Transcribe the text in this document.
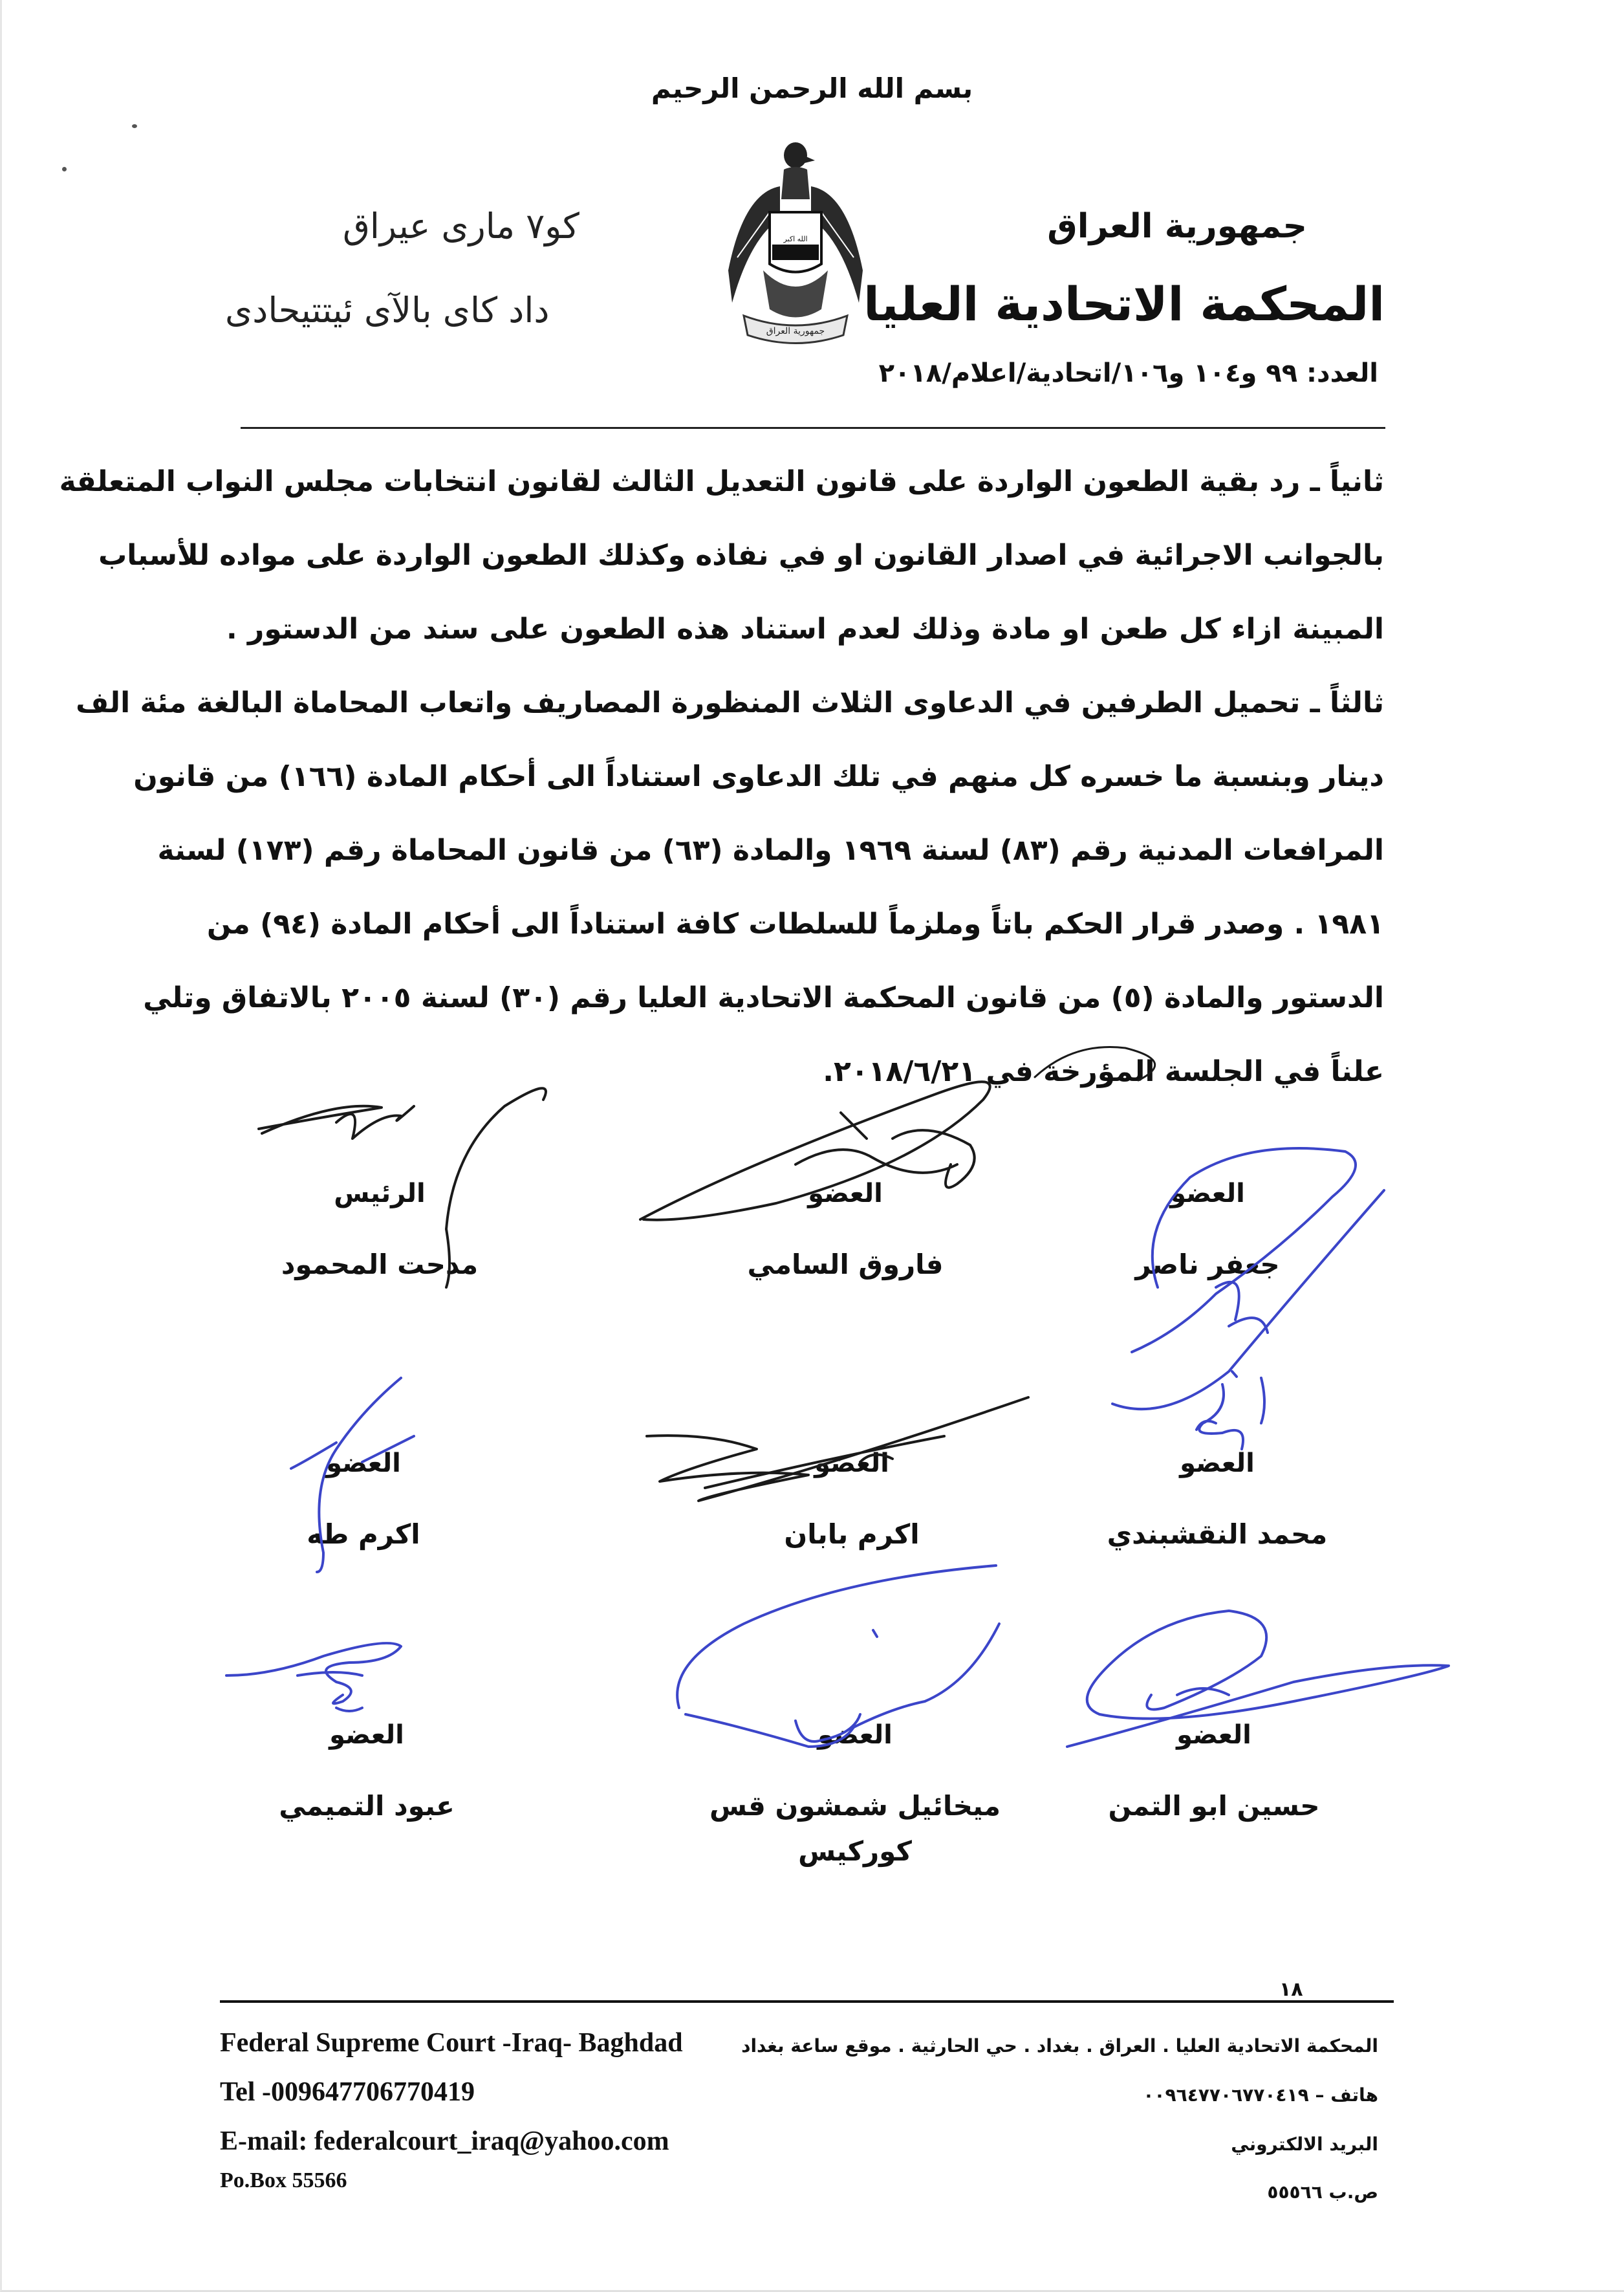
بسم الله الرحمن الرحيم
كو٧ مارى عيراق
داد كاى بالآى ئيتتيحادى
جمهورية العراق
المحكمة الاتحادية العليا
الله اكبر
جمهورية العراق
العدد: ٩٩ و١٠٤ و١٠٦/اتحادية/اعلام/٢٠١٨
ثانياً ـ رد بقية الطعون الواردة على قانون التعديل الثالث لقانون انتخابات مجلس النواب المتعلقة
بالجوانب الاجرائية في اصدار القانون او في نفاذه وكذلك الطعون الواردة على مواده للأسباب
المبينة ازاء كل طعن او مادة وذلك لعدم استناد هذه الطعون على سند من الدستور .
ثالثاً ـ تحميل الطرفين في الدعاوى الثلاث المنظورة المصاريف واتعاب المحاماة البالغة مئة الف
دينار وبنسبة ما خسره كل منهم في تلك الدعاوى استناداً الى أحكام المادة (١٦٦) من قانون
المرافعات المدنية رقم (٨٣) لسنة ١٩٦٩ والمادة (٦٣) من قانون المحاماة رقم (١٧٣) لسنة
١٩٨١ . وصدر قرار الحكم باتاً وملزماً للسلطات كافة استناداً الى أحكام المادة (٩٤) من
الدستور والمادة (٥) من قانون المحكمة الاتحادية العليا رقم (٣٠) لسنة ٢٠٠٥ بالاتفاق وتلي
علناً في الجلسة المؤرخة في ٢٠١٨/٦/٢١.
الرئيس
مدحت المحمود
العضو
فاروق السامي
العضو
جعفر ناصر
العضو
اكرم طه
العضو
اكرم بابان
العضو
محمد النقشبندي
العضو
عبود التميمي
العضو
ميخائيل شمشون قس كوركيس
العضو
حسين ابو التمن
١٨
Federal Supreme Court -Iraq- Baghdad
Tel -009647706770419
E-mail: federalcourt_iraq@yahoo.com
Po.Box 55566
المحكمة الاتحادية العليا . العراق . بغداد . حي الحارثية . موقع ساعة بغداد
هاتف – ٠٠٩٦٤٧٧٠٦٧٧٠٤١٩
البريد الالكتروني
ص.ب ٥٥٥٦٦
